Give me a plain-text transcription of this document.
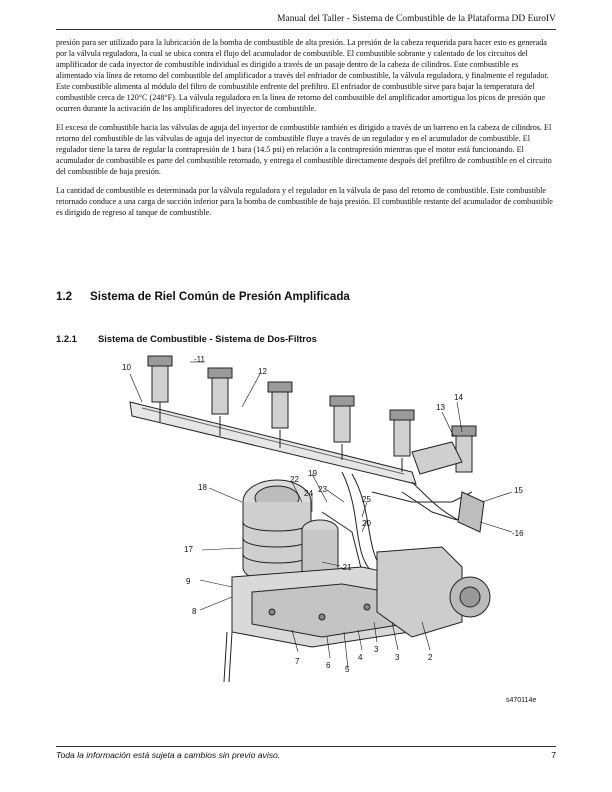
Manual del Taller - Sistema de Combustible de la Plataforma DD EuroIV

presión para ser utilizado para la lubricación de la bomba de combustible de alta presión. La presión de la cabeza requerida para hacer esto es generada por la válvula reguladora, la cual se ubica contra el flujo del acumulador de combustible. El combustible sobrante y calentado de los circuitos del amplificador de cada inyector de combustible individual es dirigido a través de un pasaje dentro de la cabeza de cilindros. Este combustible es alimentado vía línea de retorno del combustible del amplificador a través del enfriador de combustible, la válvula reguladora, y finalmente el regulador. Este combustible alimenta al módulo del filtro de combustible enfrente del prefiltro. El enfriador de combustible sirve para bajar la temperatura del combustible cerca de 120°C (248°F). La válvula reguladora en la línea de retorno del combustible del amplificador amortigua los picos de presión que ocurren durante la activación de los amplificadores del inyector de combustible.

El exceso de combustible hacia las válvulas de aguja del inyector de combustible también es dirigido a través de un barreno en la cabeza de cilindros. El retorno del combustible de las válvulas de aguja del inyector de combustible fluye a través de un regulador y en el acumulador de combustible. El regulador tiene la tarea de regular la contrapresión de 1 bara (14.5 psi) en relación a la contrapresión mientras que el motor está funcionando. El acumulador de combustible es parte del combustible retornado, y entrega el combustible directamente después del prefiltro de combustible en el circuito del combustible de baja presión.

La cantidad de combustible es determinada por la válvula reguladora y el regulador en la válvula de paso del retorno de combustible. Este combustible retornado conduce a una carga de succión inferior para la bomba de combustible de baja presión. El combustible restante del acumulador de combustible es dirigido de regreso al tanque de combustible.

1.2 Sistema de Riel Común de Presión Amplificada
1.2.1 Sistema de Combustible - Sistema de Dos-Filtros
-11
10	12
13
14
15
-16
18
22
24
19
23
25
20
17
-21
9
8
7	6 5
4
3
3	2
s470114e
Toda la información está sujeta a cambios sin previo aviso.	7
